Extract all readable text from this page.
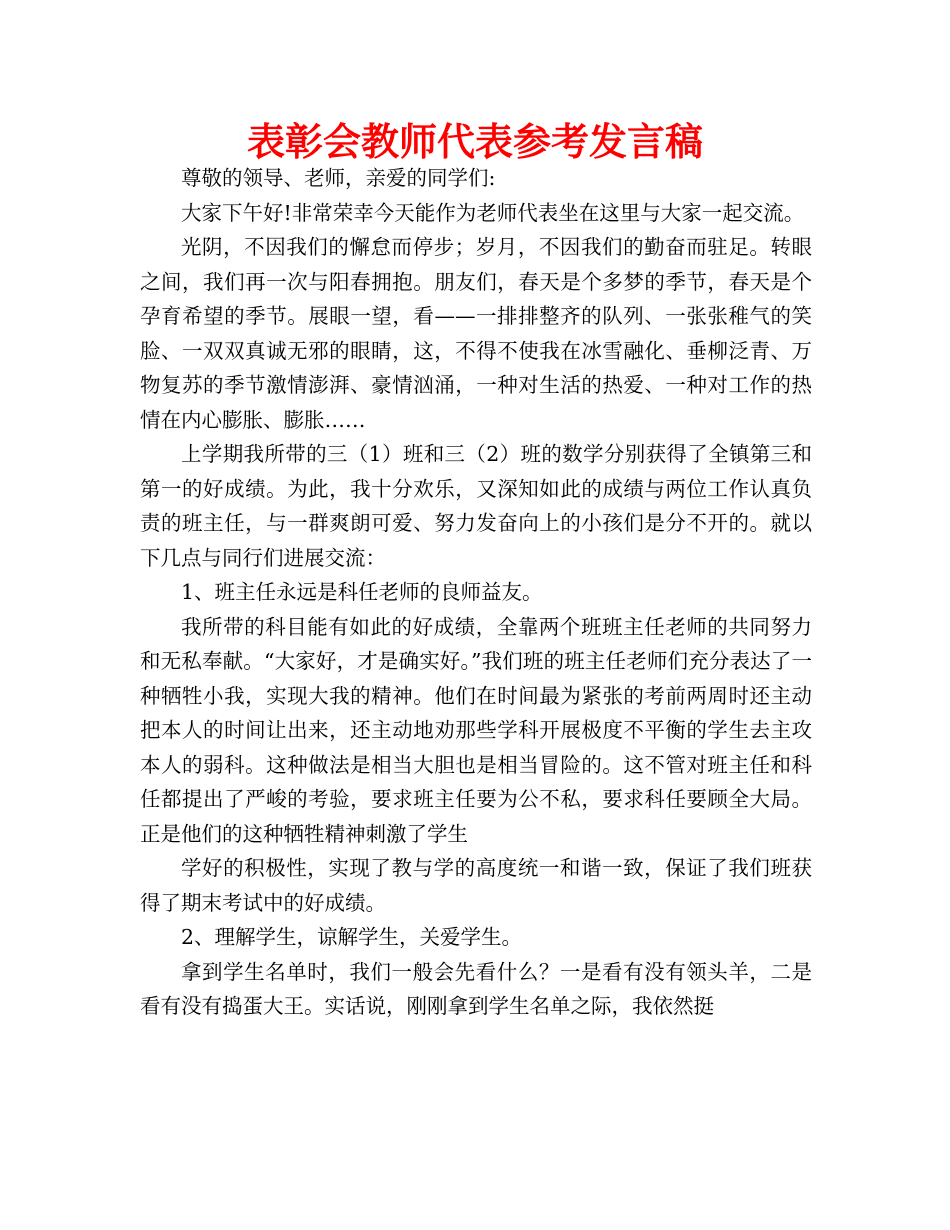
表彰会教师代表参考发言稿

尊敬的领导、老师，亲爱的同学们:

大家下午好!非常荣幸今天能作为老师代表坐在这里与大家一起交流。

光阴，不因我们的懈怠而停步；岁月，不因我们的勤奋而驻足。转眼之间，我们再一次与阳春拥抱。朋友们，春天是个多梦的季节，春天是个孕育希望的季节。展眼一望，看——一排排整齐的队列、一张张稚气的笑脸、一双双真诚无邪的眼睛，这，不得不使我在冰雪融化、垂柳泛青、万物复苏的季节激情澎湃、豪情汹涌，一种对生活的热爱、一种对工作的热情在内心膨胀、膨胀……

上学期我所带的三（1）班和三（2）班的数学分别获得了全镇第三和第一的好成绩。为此，我十分欢乐，又深知如此的成绩与两位工作认真负责的班主任，与一群爽朗可爱、努力发奋向上的小孩们是分不开的。就以下几点与同行们进展交流：

1、班主任永远是科任老师的良师益友。

我所带的科目能有如此的好成绩，全靠两个班班主任老师的共同努力和无私奉献。“大家好，才是确实好。”我们班的班主任老师们充分表达了一种牺牲小我，实现大我的精神。他们在时间最为紧张的考前两周时还主动把本人的时间让出来，还主动地劝那些学科开展极度不平衡的学生去主攻本人的弱科。这种做法是相当大胆也是相当冒险的。这不管对班主任和科任都提出了严峻的考验，要求班主任要为公不私，要求科任要顾全大局。正是他们的这种牺牲精神刺激了学生

学好的积极性，实现了教与学的高度统一和谐一致，保证了我们班获得了期末考试中的好成绩。

2、理解学生，谅解学生，关爱学生。

拿到学生名单时，我们一般会先看什么？一是看有没有领头羊，二是看有没有捣蛋大王。实话说，刚刚拿到学生名单之际，我依然挺
